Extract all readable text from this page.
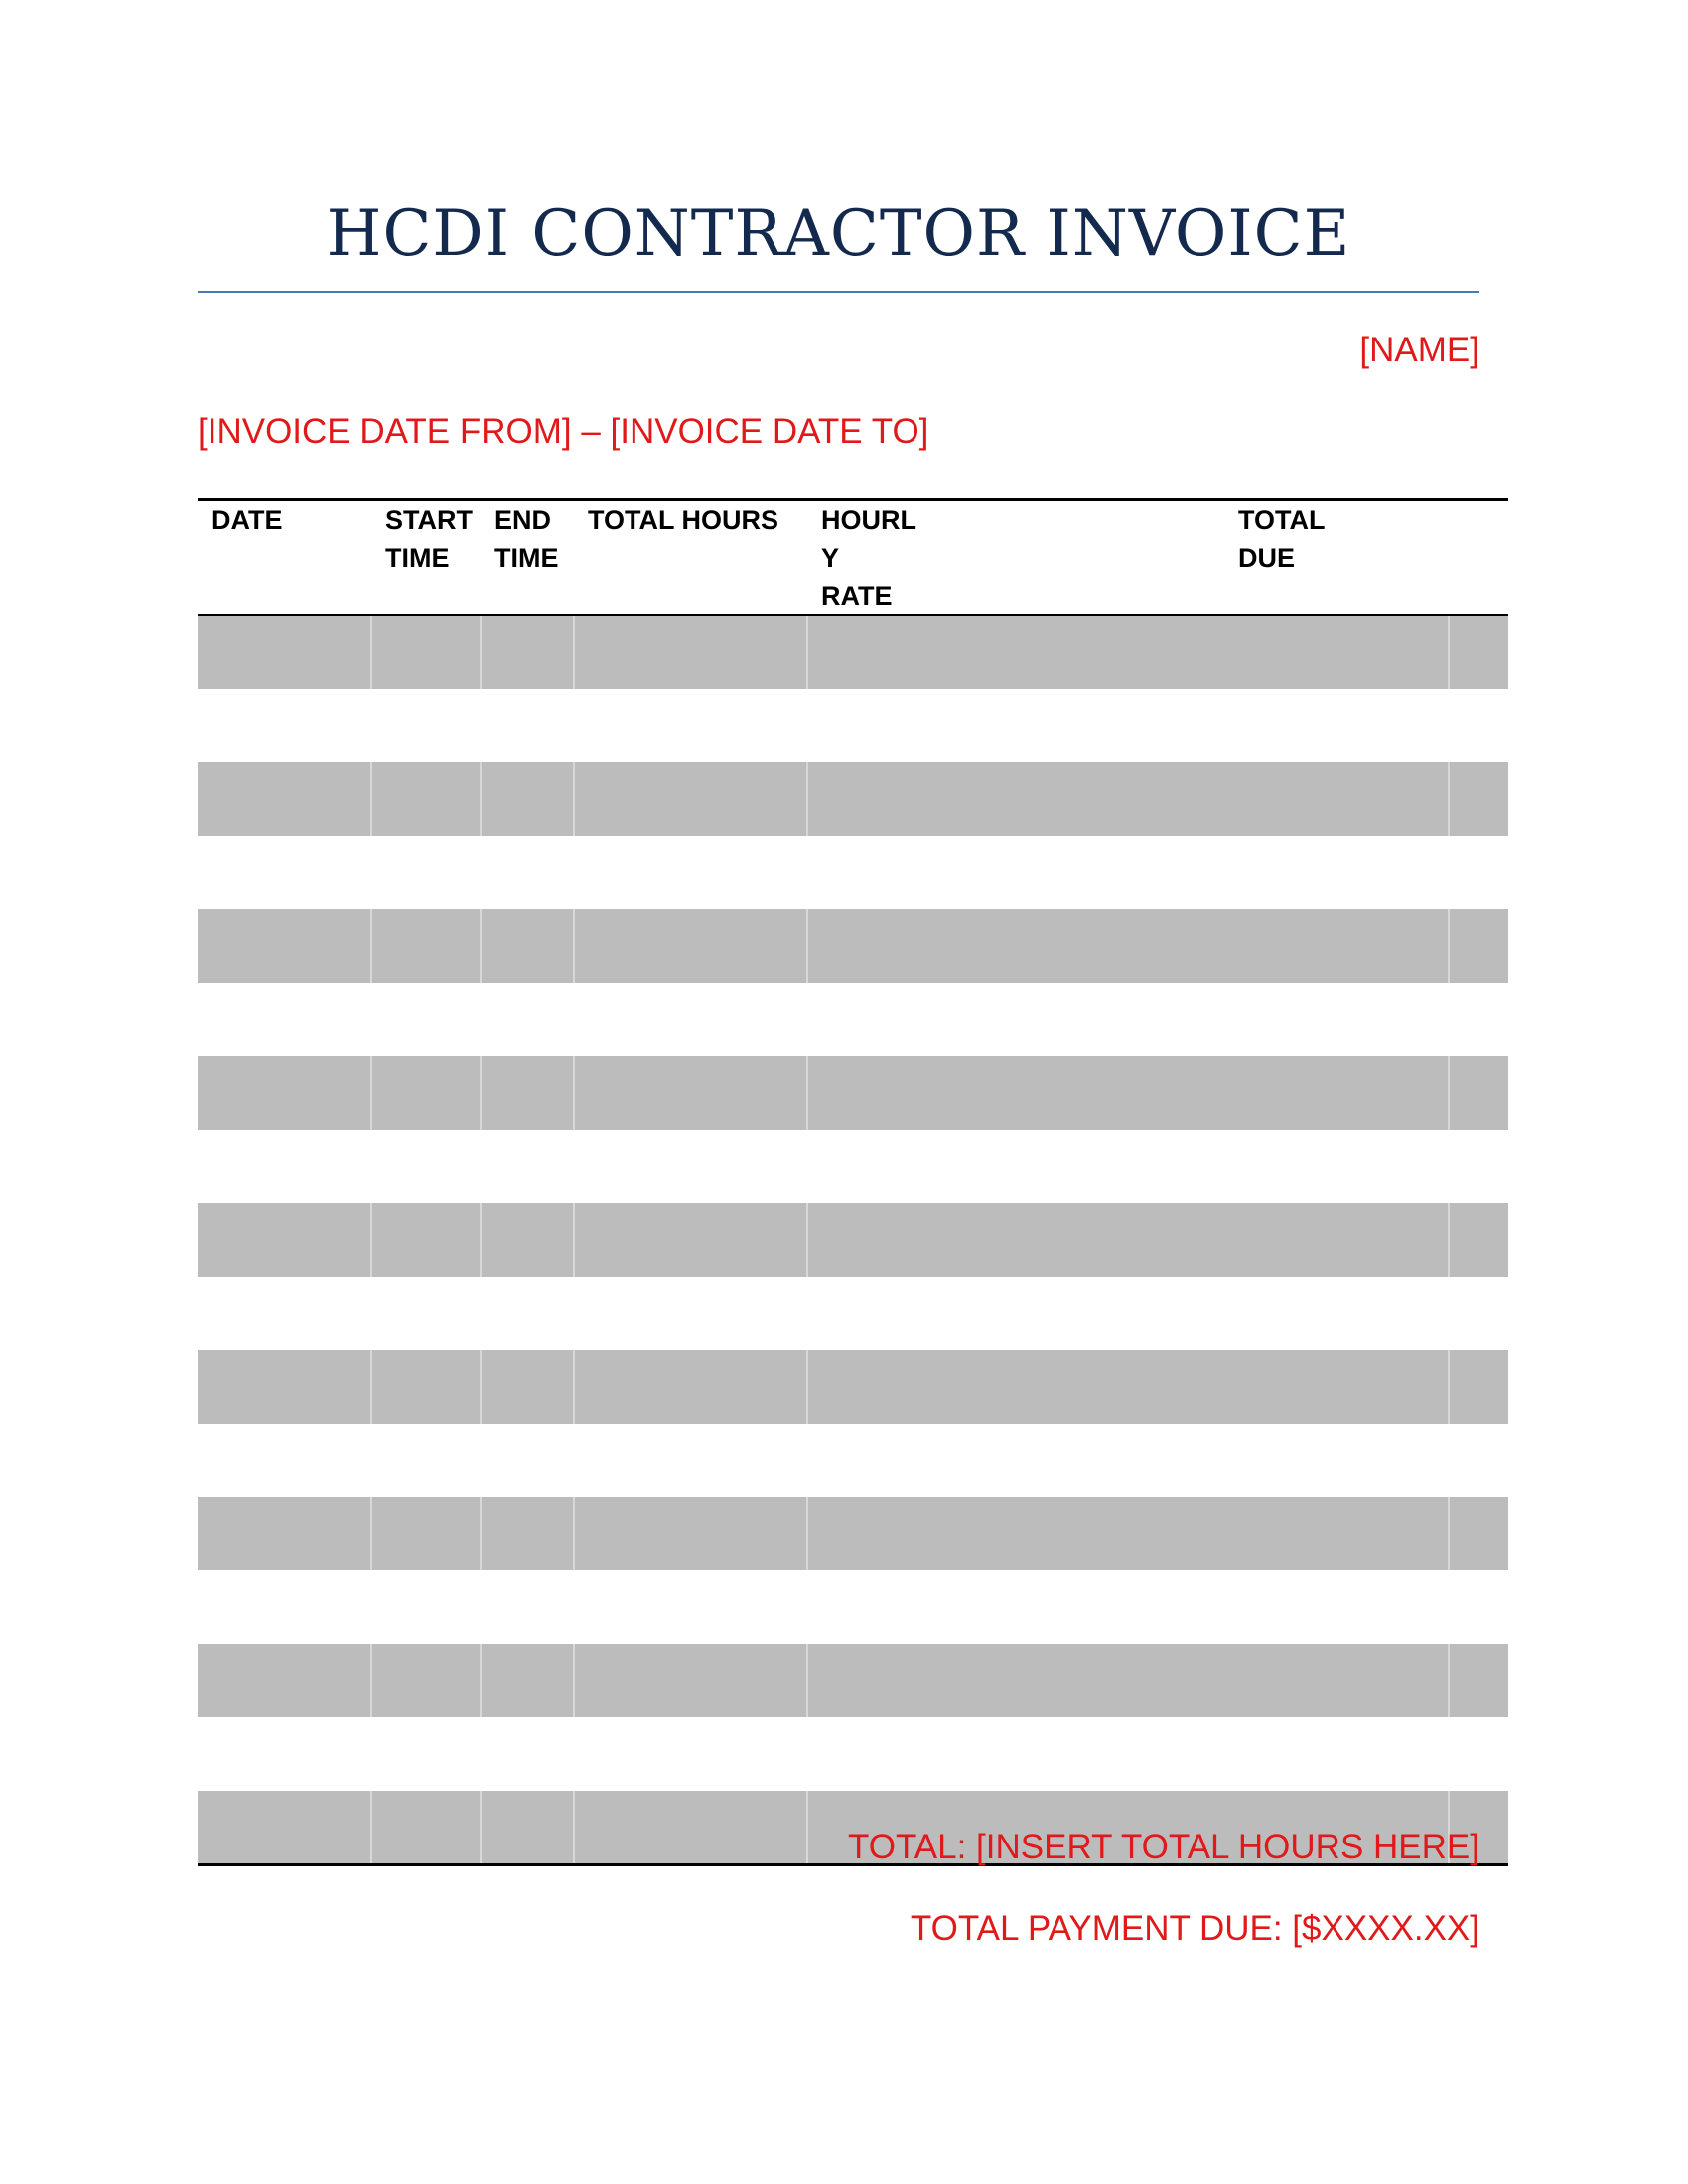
HCDI CONTRACTOR INVOICE
[NAME]
[INVOICE DATE FROM] – [INVOICE DATE TO]
DATE	START TIME	END TIME	TOTAL HOURS	HOURL Y RATE	TOTAL DUE	

TOTAL: [INSERT TOTAL HOURS HERE]
TOTAL PAYMENT DUE: [$XXXX.XX]
